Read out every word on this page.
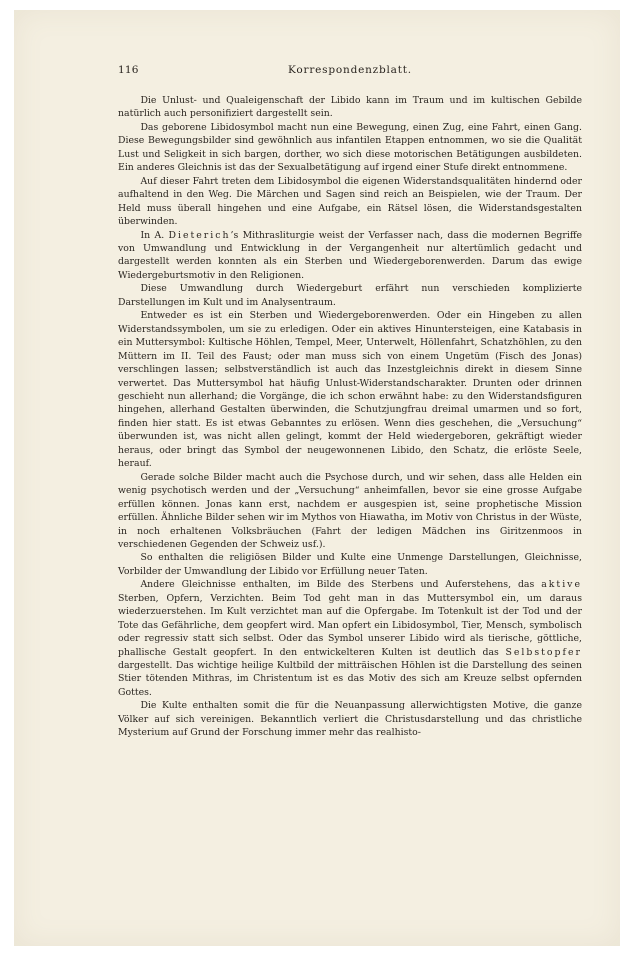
116	Korrespondenzblatt.

Die Unlust- und Qualeigenschaft der Libido kann im Traum und im kultischen Gebilde natürlich auch personifiziert dargestellt sein.

Das geborene Libidosymbol macht nun eine Bewegung, einen Zug, eine Fahrt, einen Gang. Diese Bewegungsbilder sind gewöhnlich aus infantilen Etappen entnommen, wo sie die Qualität Lust und Seligkeit in sich bargen, dorther, wo sich diese motorischen Betätigungen ausbildeten. Ein anderes Gleichnis ist das der Sexualbetätigung auf irgend einer Stufe direkt entnommene.

Auf dieser Fahrt treten dem Libidosymbol die eigenen Widerstandsqualitäten hindernd oder aufhaltend in den Weg. Die Märchen und Sagen sind reich an Beispielen, wie der Traum. Der Held muss überall hingehen und eine Aufgabe, ein Rätsel lösen, die Widerstandsgestalten überwinden.

In A. Dieterich’s Mithrasliturgie weist der Verfasser nach, dass die modernen Begriffe von Umwandlung und Entwicklung in der Vergangenheit nur altertümlich gedacht und dargestellt werden konnten als ein Sterben und Wiedergeborenwerden. Darum das ewige Wiedergeburtsmotiv in den Religionen.

Diese Umwandlung durch Wiedergeburt erfährt nun verschieden komplizierte Darstellungen im Kult und im Analysentraum.

Entweder es ist ein Sterben und Wiedergeborenwerden. Oder ein Hingeben zu allen Widerstandssymbolen, um sie zu erledigen. Oder ein aktives Hinuntersteigen, eine Katabasis in ein Muttersymbol: Kultische Höhlen, Tempel, Meer, Unterwelt, Höllenfahrt, Schatzhöhlen, zu den Müttern im II. Teil des Faust; oder man muss sich von einem Ungetüm (Fisch des Jonas) verschlingen lassen; selbstverständlich ist auch das Inzestgleichnis direkt in diesem Sinne verwertet. Das Muttersymbol hat häufig Unlust-Widerstandscharakter. Drunten oder drinnen geschieht nun allerhand; die Vorgänge, die ich schon erwähnt habe: zu den Widerstandsfiguren hingehen, allerhand Gestalten überwinden, die Schutzjungfrau dreimal umarmen und so fort, finden hier statt. Es ist etwas Gebanntes zu erlösen. Wenn dies geschehen, die „Versuchung“ überwunden ist, was nicht allen gelingt, kommt der Held wiedergeboren, gekräftigt wieder heraus, oder bringt das Symbol der neugewonnenen Libido, den Schatz, die erlöste Seele, herauf.

Gerade solche Bilder macht auch die Psychose durch, und wir sehen, dass alle Helden ein wenig psychotisch werden und der „Versuchung“ anheimfallen, bevor sie eine grosse Aufgabe erfüllen können. Jonas kann erst, nachdem er ausgespien ist, seine prophetische Mission erfüllen. Ähnliche Bilder sehen wir im Mythos von Hiawatha, im Motiv von Christus in der Wüste, in noch erhaltenen Volksbräuchen (Fahrt der ledigen Mädchen ins Giritzenmoos in verschiedenen Gegenden der Schweiz usf.).

So enthalten die religiösen Bilder und Kulte eine Unmenge Darstellungen, Gleichnisse, Vorbilder der Umwandlung der Libido vor Erfüllung neuer Taten.

Andere Gleichnisse enthalten, im Bilde des Sterbens und Auferstehens, das aktive Sterben, Opfern, Verzichten. Beim Tod geht man in das Muttersymbol ein, um daraus wiederzuerstehen. Im Kult verzichtet man auf die Opfergabe. Im Totenkult ist der Tod und der Tote das Gefährliche, dem geopfert wird. Man opfert ein Libidosymbol, Tier, Mensch, symbolisch oder regressiv statt sich selbst. Oder das Symbol unserer Libido wird als tierische, göttliche, phallische Gestalt geopfert. In den entwickelteren Kulten ist deutlich das Selbstopfer dargestellt. Das wichtige heilige Kultbild der mitträischen Höhlen ist die Darstellung des seinen Stier tötenden Mithras, im Christentum ist es das Motiv des sich am Kreuze selbst opfernden Gottes.

Die Kulte enthalten somit die für die Neuanpassung allerwichtigsten Motive, die ganze Völker auf sich vereinigen. Bekanntlich verliert die Christusdarstellung und das christliche Mysterium auf Grund der Forschung immer mehr das realhisto-
